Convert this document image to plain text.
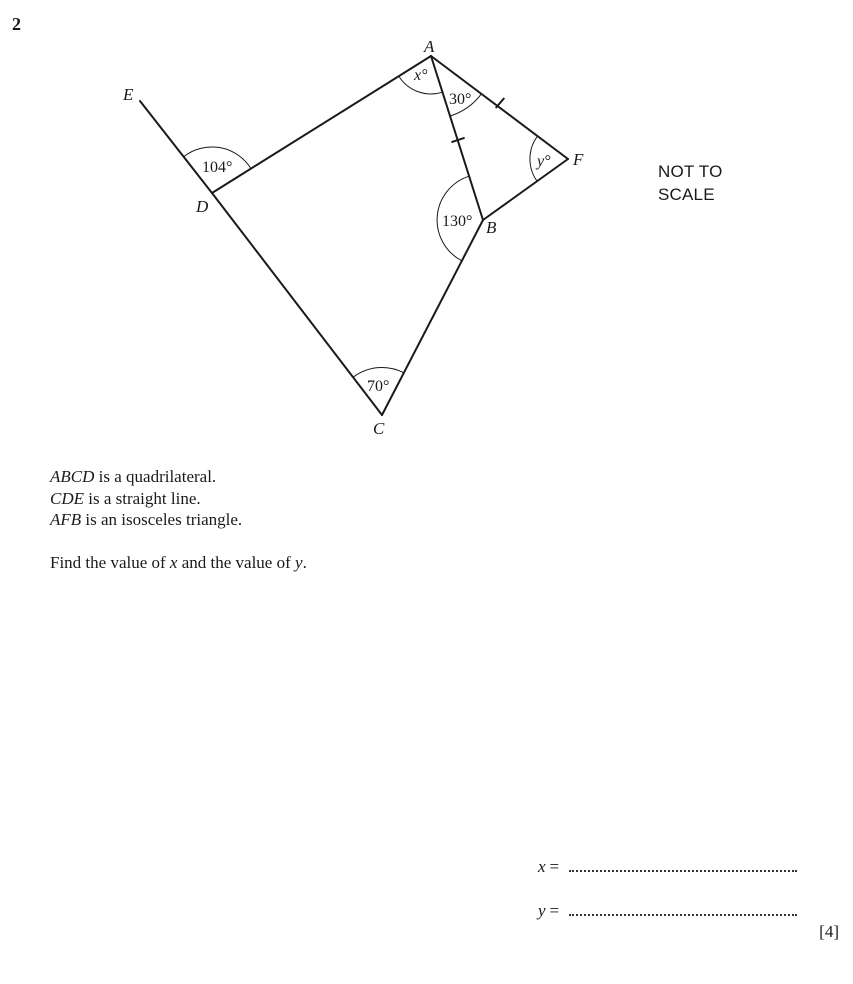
2
A
B
C
D
E
F
104°
x°
30°
130°
70°
y°
NOT TO
SCALE
ABCD is a quadrilateral.
CDE is a straight line.
AFB is an isosceles triangle.
Find the value of x and the value of y.
x =
y =
[4]
